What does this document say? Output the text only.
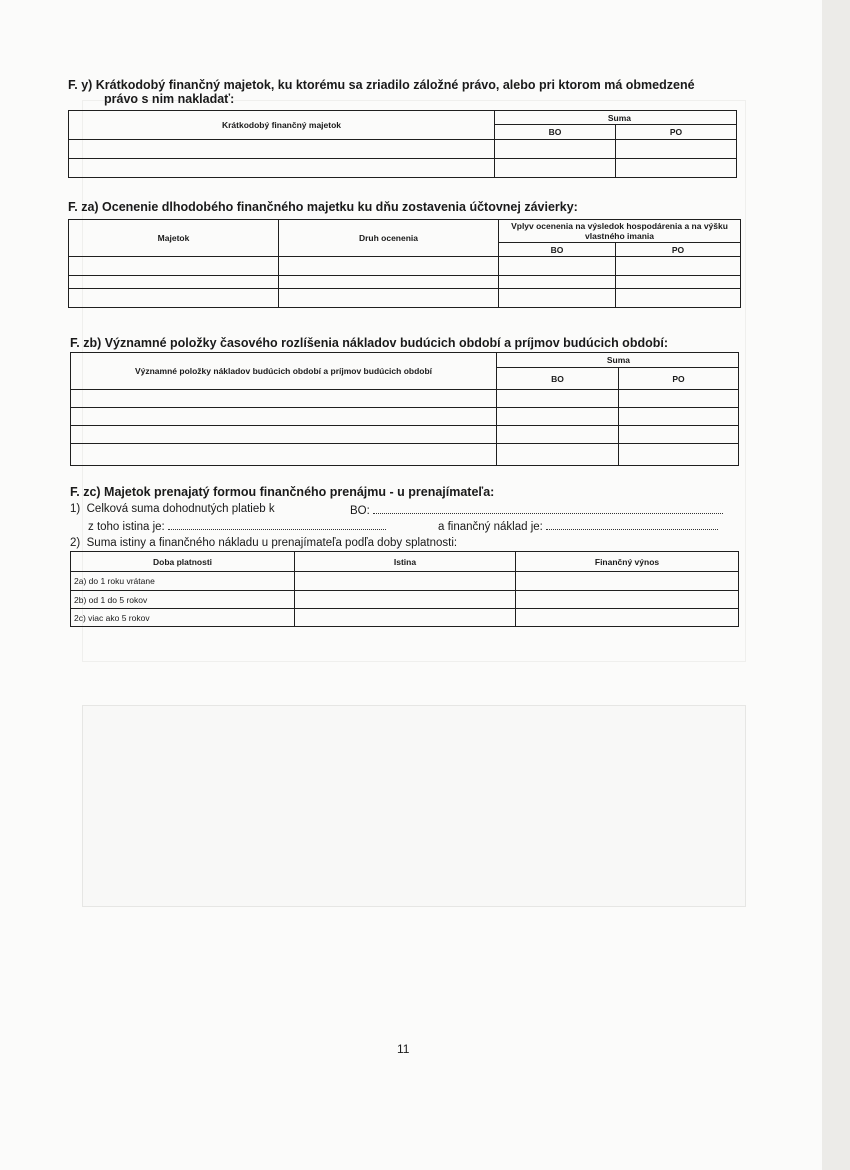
F. y) Krátkodobý finančný majetok, ku ktorému sa zriadilo záložné právo, alebo pri ktorom má obmedzené
právo s nim nakladať:
Krátkodobý finančný majetok	Suma	
	BO	PO

F. za) Ocenenie dlhodobého finančného majetku ku dňu zostavenia účtovnej závierky:
Majetok	Druh ocenenia	Vplyv ocenenia na výsledok hospodárenia a na výšku vlastného imania	
		BO	PO

F. zb) Významné položky časového rozlíšenia nákladov budúcich období a príjmov budúcich období:
Významné položky nákladov budúcich období a príjmov budúcich období	Suma	
	BO	PO

F. zc) Majetok prenajatý formou finančného prenájmu - u prenajímateľa:
1) Celková suma dohodnutých platieb k	BO:
z toho istina je:	a finančný náklad je:
2) Suma istiny a finančného nákladu u prenajímateľa podľa doby splatnosti:
Doba platnosti	Istina	Finančný výnos
2a) do 1 roku vrátane		
2b) od 1 do 5 rokov		
2c) viac ako 5 rokov		
11
